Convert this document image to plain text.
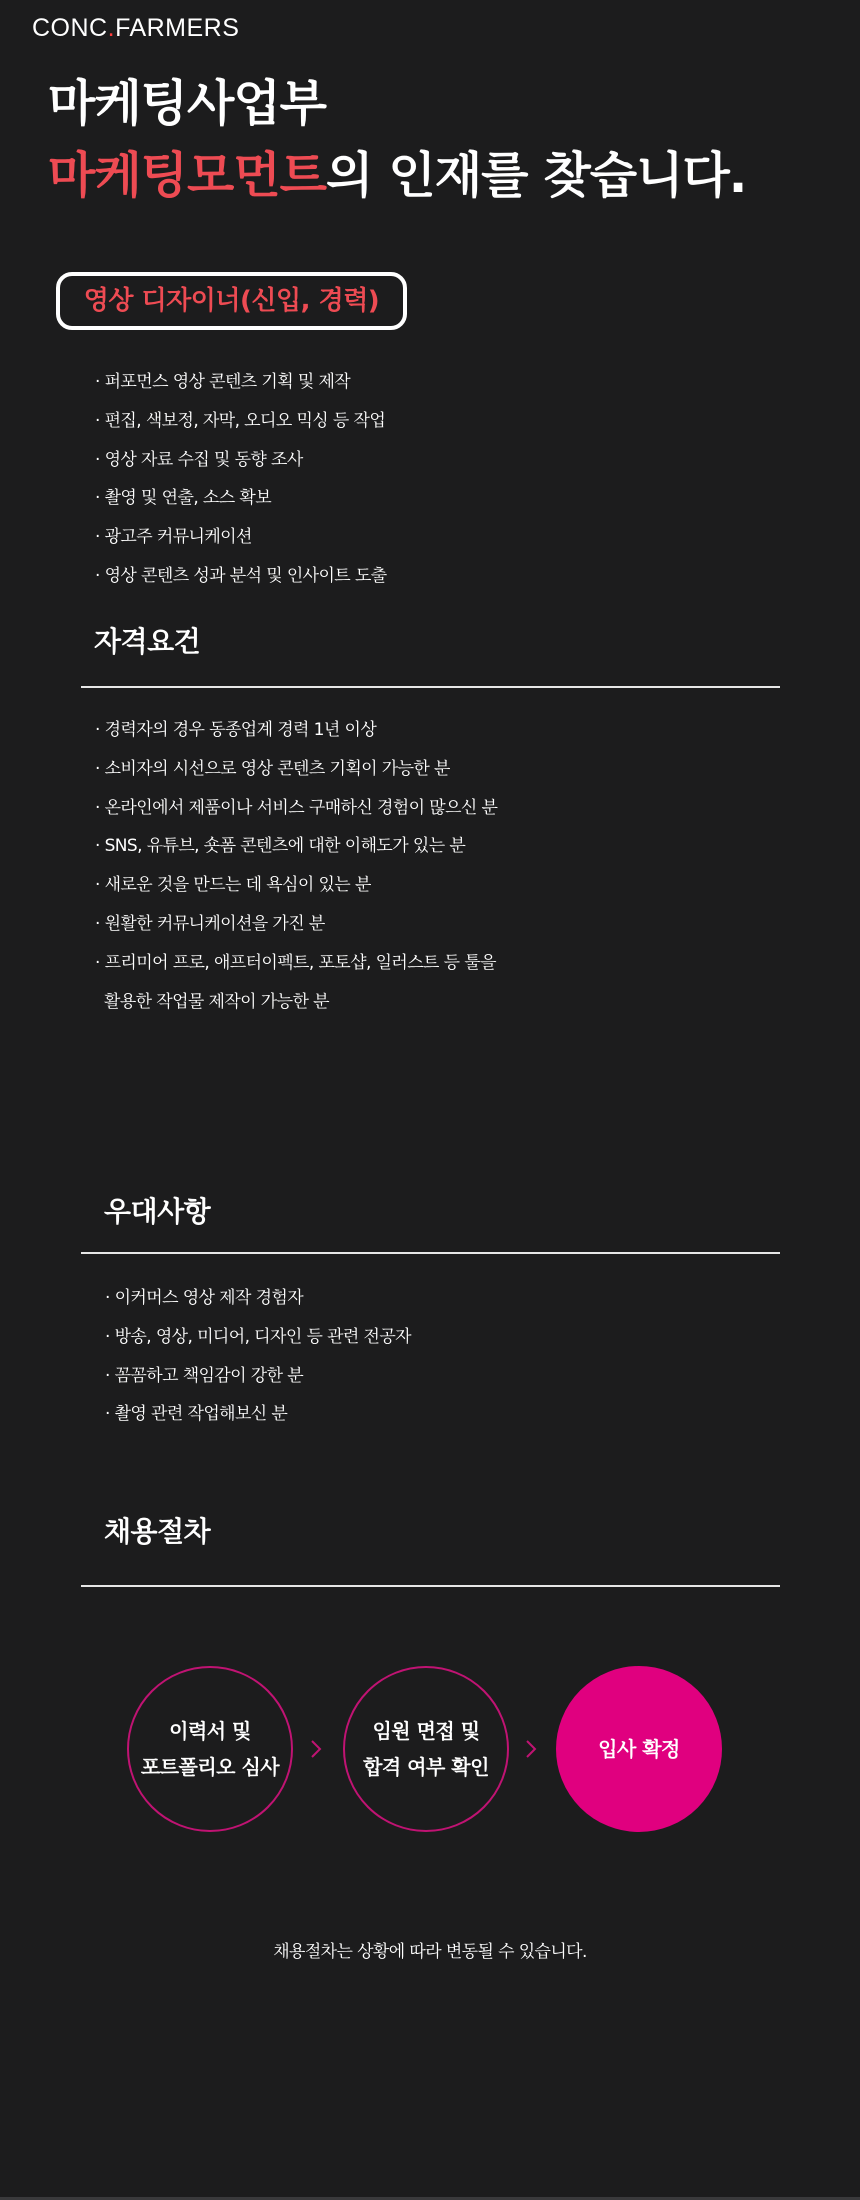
CONC.FARMERS
마케팅사업부
마케팅모먼트의 인재를 찾습니다.
영상 디자이너(신입, 경력)
· 퍼포먼스 영상 콘텐츠 기획 및 제작
· 편집, 색보정, 자막, 오디오 믹싱 등 작업
· 영상 자료 수집 및 동향 조사
· 촬영 및 연출, 소스 확보
· 광고주 커뮤니케이션
· 영상 콘텐츠 성과 분석 및 인사이트 도출
자격요건
· 경력자의 경우 동종업계 경력 1년 이상
· 소비자의 시선으로 영상 콘텐츠 기획이 가능한 분
· 온라인에서 제품이나 서비스 구매하신 경험이 많으신 분
· SNS, 유튜브, 숏폼 콘텐츠에 대한 이해도가 있는 분
· 새로운 것을 만드는 데 욕심이 있는 분
· 원활한 커뮤니케이션을 가진 분
· 프리미어 프로, 애프터이펙트, 포토샵, 일러스트 등 툴을
활용한 작업물 제작이 가능한 분
우대사항
· 이커머스 영상 제작 경험자
· 방송, 영상, 미디어, 디자인 등 관련 전공자
· 꼼꼼하고 책임감이 강한 분
· 촬영 관련 작업해보신 분
채용절차
이력서 및
포트폴리오 심사
임원 면접 및
합격 여부 확인
입사 확정
채용절차는 상황에 따라 변동될 수 있습니다.
